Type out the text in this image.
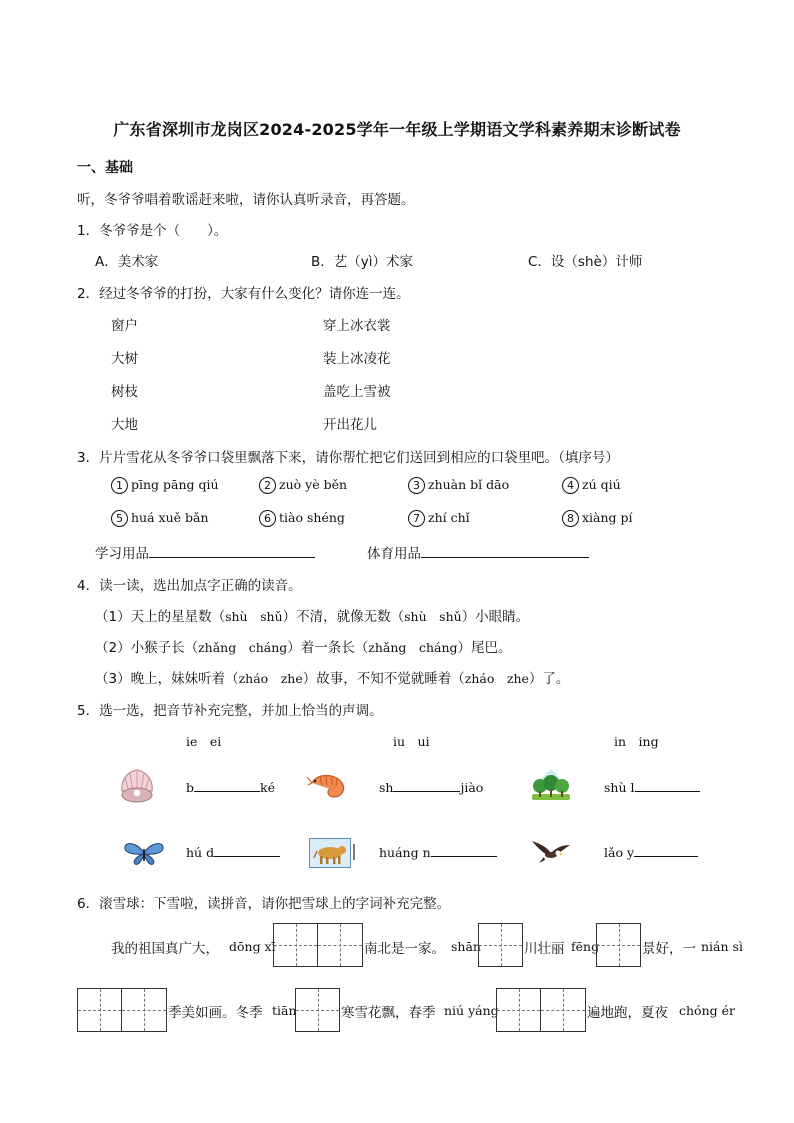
广东省深圳市龙岗区2024-2025学年一年级上学期语文学科素养期末诊断试卷
一、基础
听，冬爷爷唱着歌谣赶来啦，请你认真听录音，再答题。
1．冬爷爷是个（　　）。
A．美术家	B．艺（yì）术家	C．设（shè）计师
2．经过冬爷爷的打扮，大家有什么变化？请你连一连。
窗户
大树
树枝
大地
穿上冰衣裳
装上冰凌花
盖吃上雪被
开出花儿
3．片片雪花从冬爷爷口袋里飘落下来，请你帮忙把它们送回到相应的口袋里吧。（填序号）
1 pīng pāng qiú	2 zuò yè běn	3 zhuàn bǐ dāo	4 zú qiú
5 huá xuě bǎn	6 tiào shéng	7 zhí chǐ	8 xiàng pí
学习用品	体育用品
4．读一读，选出加点字正确的读音。
（1）天上的星星数（shù　shǔ）不清，就像无数（shù　shǔ）小眼睛。
（2）小猴子长（zhǎng　cháng）着一条长（zhǎng　cháng）尾巴。
（3）晚上，妹妹听着（zháo　zhe）故事，不知不觉就睡着（zháo　zhe）了。
5．选一选，把音节补充完整，并加上恰当的声调。
ie　ei	iu　ui	in　ing
b	ké	sh	jiào	shù l
hú d	huáng n	lǎo y
6．滚雪球：下雪啦，读拼音，请你把雪球上的字词补充完整。
我的祖国真广大， dōng xī	南北是一家。 shān	川壮丽 fēng	景好，一 nián sì
季美如画。冬季 tiān	寒雪花飘，春季 niú yáng	遍地跑，夏夜 chóng ér
